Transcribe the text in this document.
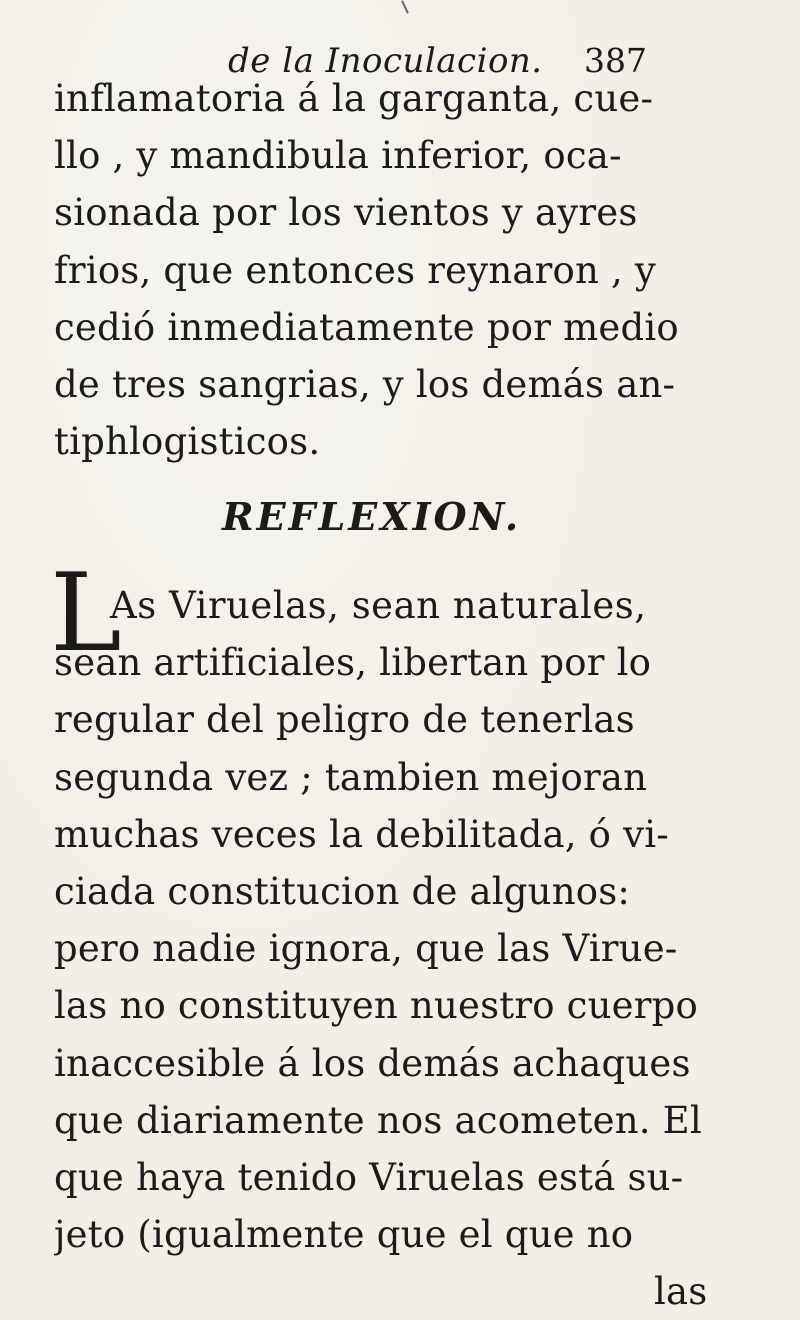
de la Inoculacion. 387
inflamatoria á la garganta, cue-
llo , y mandibula inferior, oca-
sionada por los vientos y ayres
frios, que entonces reynaron , y
cedió inmediatamente por medio
de tres sangrias, y los demás an-
tiphlogisticos.
REFLEXION.
L
As Viruelas, sean naturales,
sean artificiales, libertan por lo
regular del peligro de tenerlas
segunda vez ; tambien mejoran
muchas veces la debilitada, ó vi-
ciada constitucion de algunos:
pero nadie ignora, que las Virue-
las no constituyen nuestro cuerpo
inaccesible á los demás achaques
que diariamente nos acometen. El
que haya tenido Viruelas está su-
jeto (igualmente que el que no
las
